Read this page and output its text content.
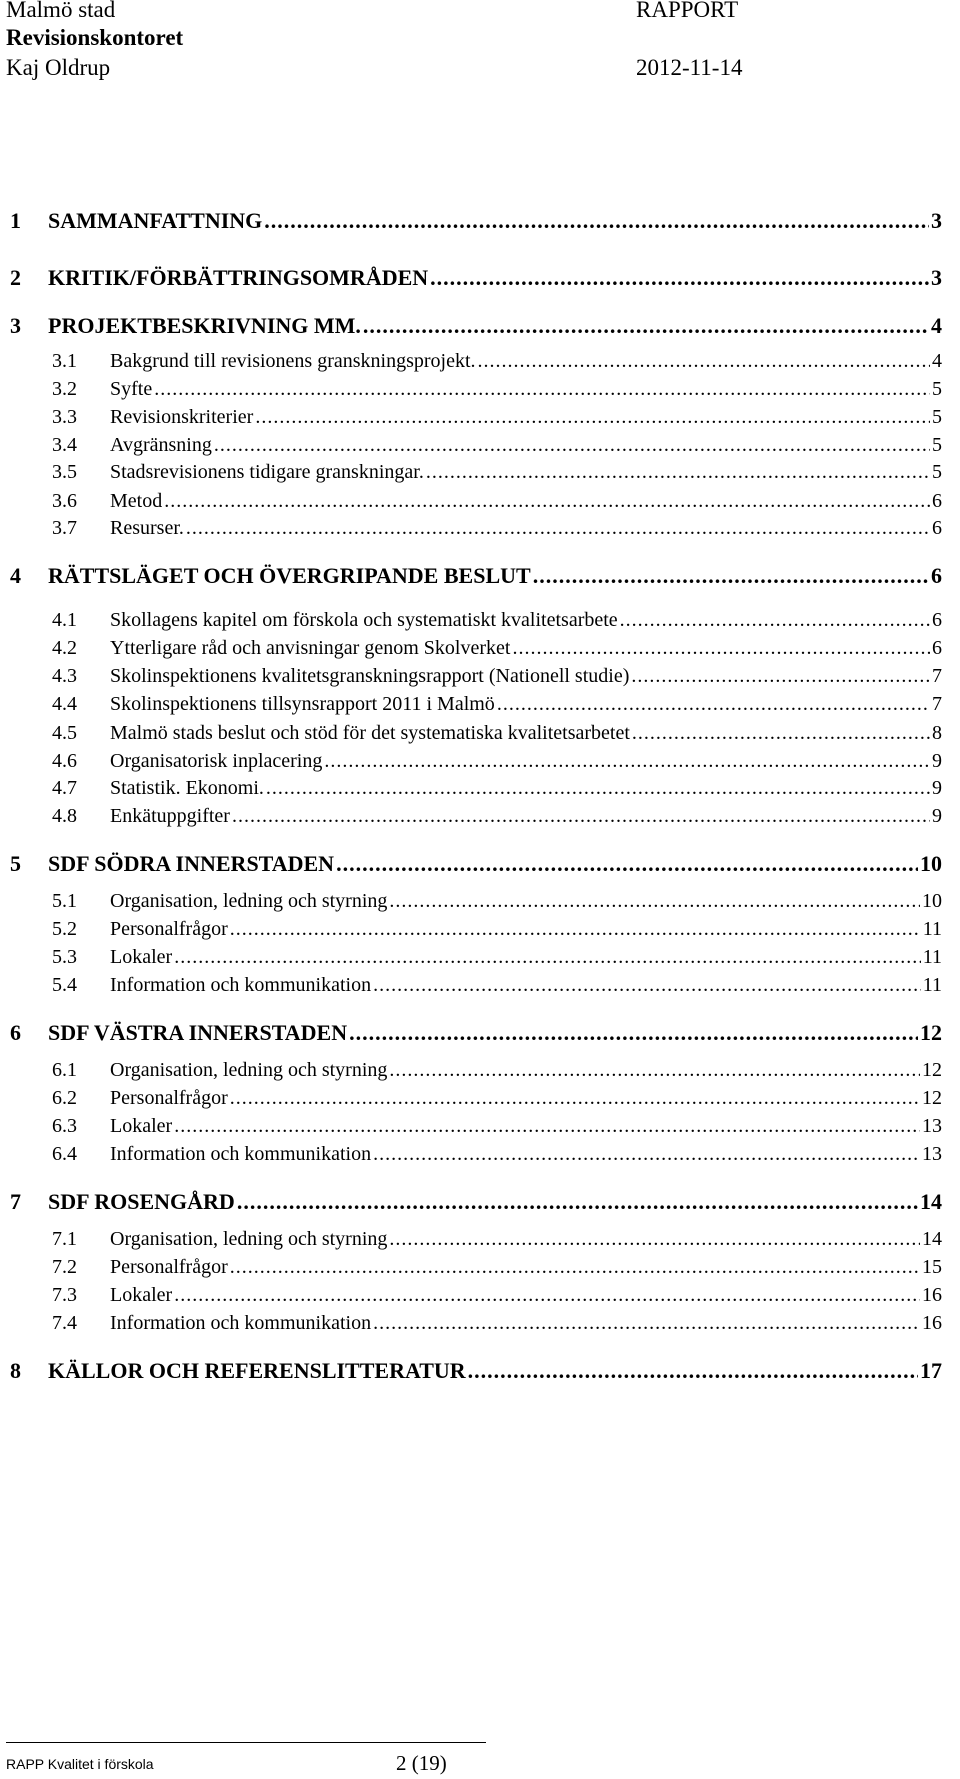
Malmö stad	RAPPORT
Revisionskontoret
Kaj Oldrup	2012-11-14
1	SAMMANFATTNING .....	3
2	KRITIK/FÖRBÄTTRINGSOMRÅDEN .....	3
3	PROJEKTBESKRIVNING MM. .....	4
3.1	Bakgrund till revisionens granskningsprojekt. .....	4
3.2	Syfte .....	5
3.3	Revisionskriterier .....	5
3.4	Avgränsning .....	5
3.5	Stadsrevisionens tidigare granskningar. .....	5
3.6	Metod .....	6
3.7	Resurser. .....	6
4	RÄTTSLÄGET OCH ÖVERGRIPANDE BESLUT .....	6
4.1	Skollagens kapitel om förskola och systematiskt kvalitetsarbete .....	6
4.2	Ytterligare råd och anvisningar genom Skolverket .....	6
4.3	Skolinspektionens kvalitetsgranskningsrapport (Nationell studie) .....	7
4.4	Skolinspektionens tillsynsrapport 2011 i Malmö .....	7
4.5	Malmö stads beslut och stöd för det systematiska kvalitetsarbetet .....	8
4.6	Organisatorisk inplacering .....	9
4.7	Statistik. Ekonomi. .....	9
4.8	Enkätuppgifter .....	9
5	SDF SÖDRA INNERSTADEN .....	10
5.1	Organisation, ledning och styrning .....	10
5.2	Personalfrågor .....	11
5.3	Lokaler .....	11
5.4	Information och kommunikation .....	11
6	SDF VÄSTRA INNERSTADEN .....	12
6.1	Organisation, ledning och styrning .....	12
6.2	Personalfrågor .....	12
6.3	Lokaler .....	13
6.4	Information och kommunikation .....	13
7	SDF ROSENGÅRD .....	14
7.1	Organisation, ledning och styrning .....	14
7.2	Personalfrågor .....	15
7.3	Lokaler .....	16
7.4	Information och kommunikation .....	16
8	KÄLLOR OCH REFERENSLITTERATUR .....	17
RAPP Kvalitet i förskola	2 (19)
